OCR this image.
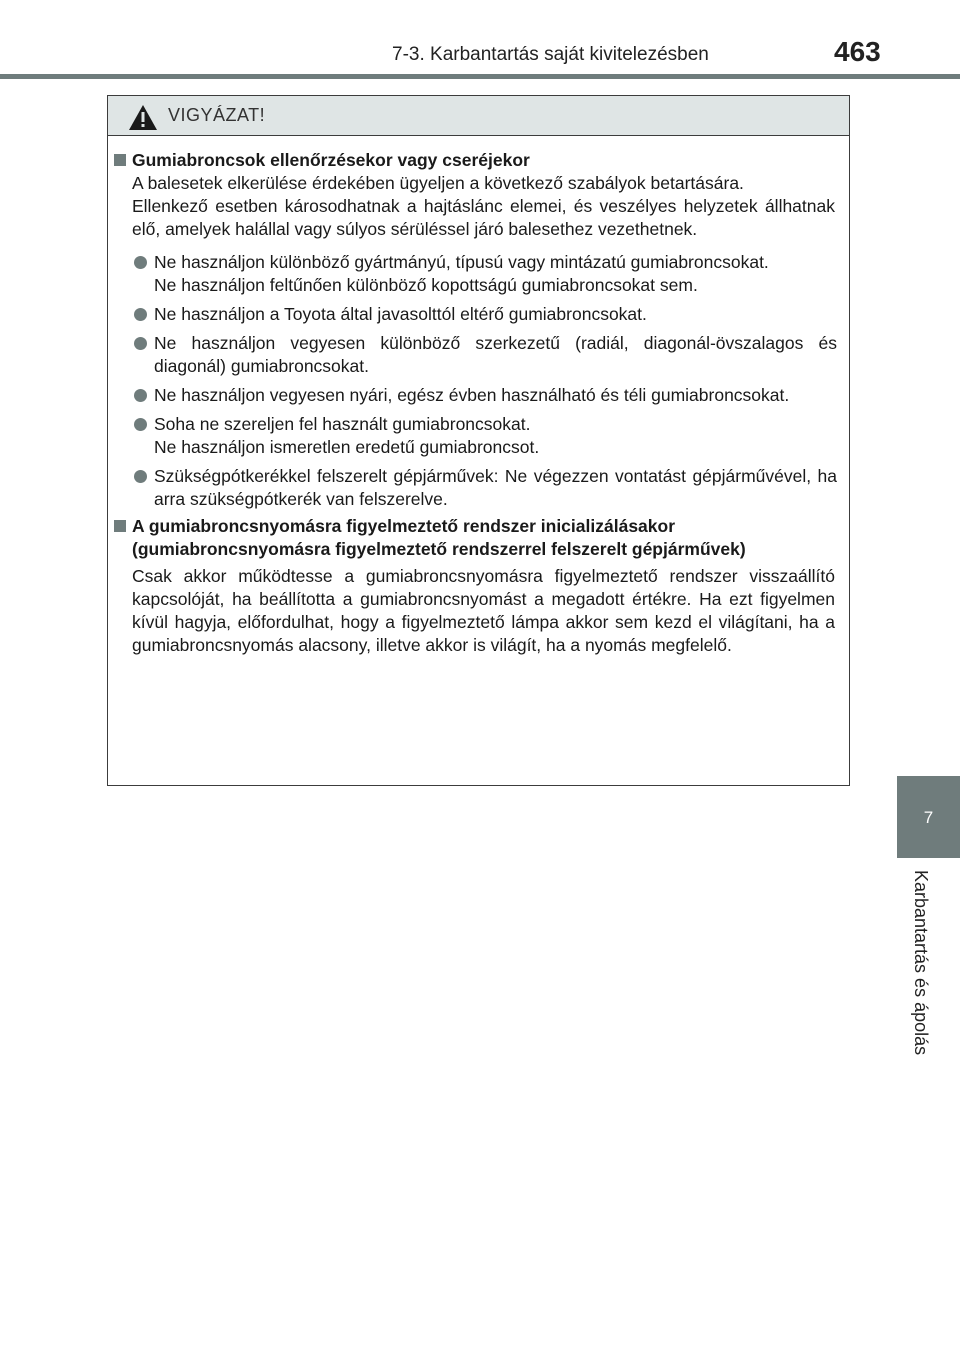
7-3. Karbantartás saját kivitelezésben	463
7
Karbantartás és ápolás
VIGYÁZAT!
Gumiabroncsok ellenőrzésekor vagy cseréjekor
A balesetek elkerülése érdekében ügyeljen a következő szabályok betartására.
Ellenkező esetben károsodhatnak a hajtáslánc elemei, és veszélyes helyzetek állhatnak elő, amelyek halállal vagy súlyos sérüléssel járó balesethez vezethetnek.
Ne használjon különböző gyártmányú, típusú vagy mintázatú gumiabroncsokat.
Ne használjon feltűnően különböző kopottságú gumiabroncsokat sem.
Ne használjon a Toyota által javasolttól eltérő gumiabroncsokat.
Ne használjon vegyesen különböző szerkezetű (radiál, diagonál-övszalagos és diagonál) gumiabroncsokat.
Ne használjon vegyesen nyári, egész évben használható és téli gumiabroncsokat.
Soha ne szereljen fel használt gumiabroncsokat.
Ne használjon ismeretlen eredetű gumiabroncsot.
Szükségpótkerékkel felszerelt gépjárművek: Ne végezzen vontatást gépjárművével, ha arra szükségpótkerék van felszerelve.
A gumiabroncsnyomásra figyelmeztető rendszer inicializálásakor (gumiabroncsnyomásra figyelmeztető rendszerrel felszerelt gépjárművek)
Csak akkor működtesse a gumiabroncsnyomásra figyelmeztető rendszer visszaállító kapcsolóját, ha beállította a gumiabroncsnyomást a megadott értékre. Ha ezt figyelmen kívül hagyja, előfordulhat, hogy a figyelmeztető lámpa akkor sem kezd el világítani, ha a gumiabroncsnyomás alacsony, illetve akkor is világít, ha a nyomás megfelelő.
